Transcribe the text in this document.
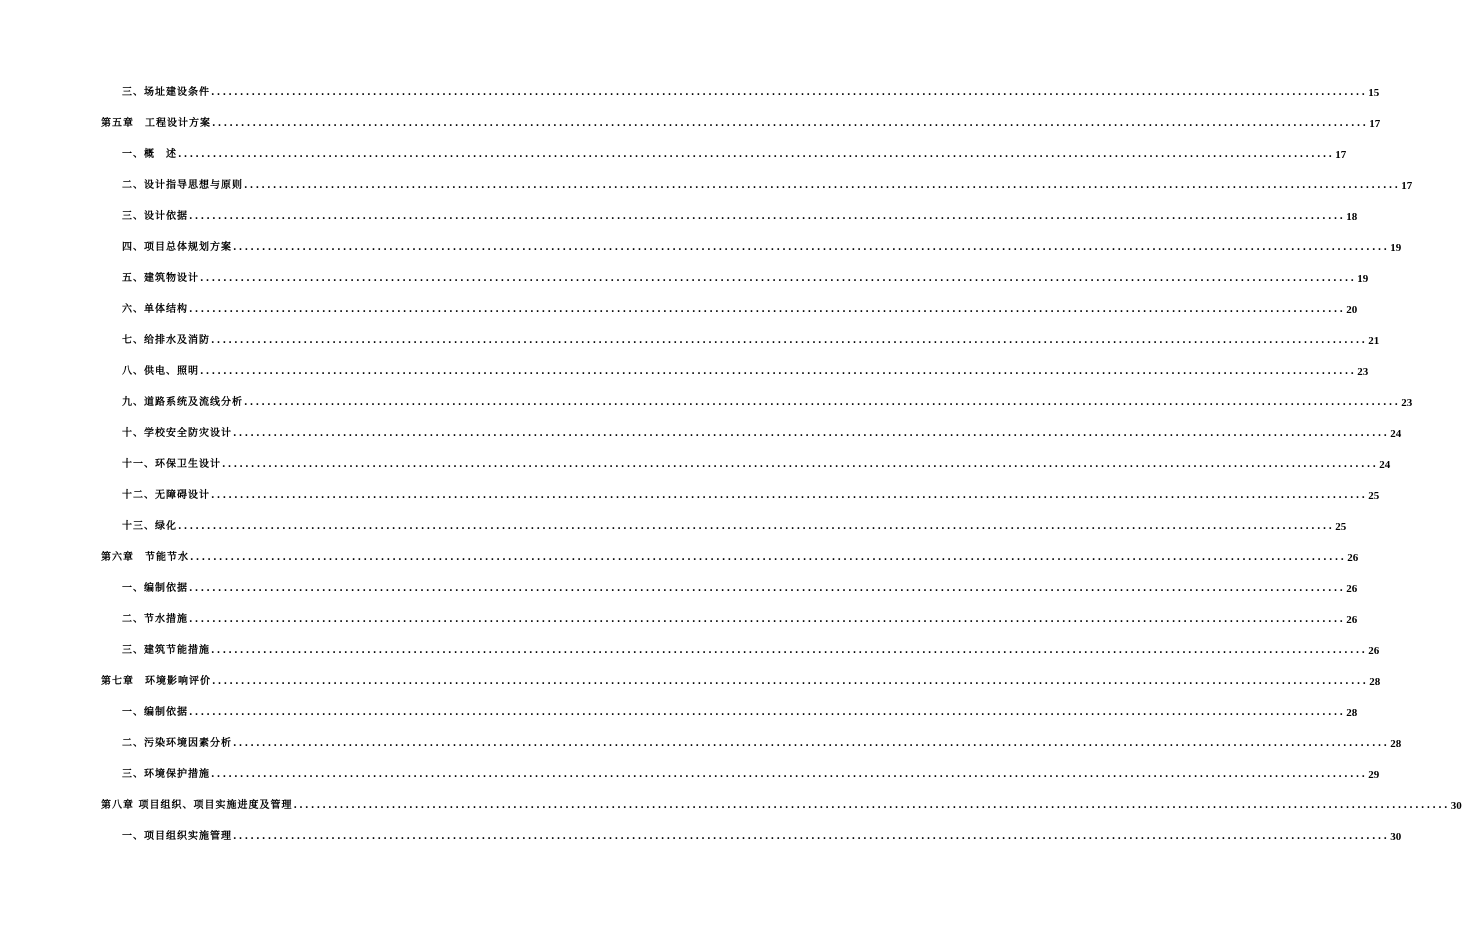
三、场址建设条件 ........................................................................................................................................................................................................ 15
第五章　工程设计方案 ........................................................................................................................................................................................................ 17
一、概　述 ........................................................................................................................................................................................................ 17
二、设计指导思想与原则 ........................................................................................................................................................................................................ 17
三、设计依据 ........................................................................................................................................................................................................ 18
四、项目总体规划方案 ........................................................................................................................................................................................................ 19
五、建筑物设计 ........................................................................................................................................................................................................ 19
六、单体结构 ........................................................................................................................................................................................................ 20
七、给排水及消防 ........................................................................................................................................................................................................ 21
八、供电、照明 ........................................................................................................................................................................................................ 23
九、道路系统及流线分析 ........................................................................................................................................................................................................ 23
十、学校安全防灾设计 ........................................................................................................................................................................................................ 24
十一、环保卫生设计 ........................................................................................................................................................................................................ 24
十二、无障碍设计 ........................................................................................................................................................................................................ 25
十三、绿化 ........................................................................................................................................................................................................ 25
第六章　节能节水 ........................................................................................................................................................................................................ 26
一、编制依据 ........................................................................................................................................................................................................ 26
二、节水措施 ........................................................................................................................................................................................................ 26
三、建筑节能措施 ........................................................................................................................................................................................................ 26
第七章　环境影响评价 ........................................................................................................................................................................................................ 28
一、编制依据 ........................................................................................................................................................................................................ 28
二、污染环境因素分析 ........................................................................................................................................................................................................ 28
三、环境保护措施 ........................................................................................................................................................................................................ 29
第八章 项目组织、项目实施进度及管理 ........................................................................................................................................................................................................ 30
一、项目组织实施管理 ........................................................................................................................................................................................................ 30
